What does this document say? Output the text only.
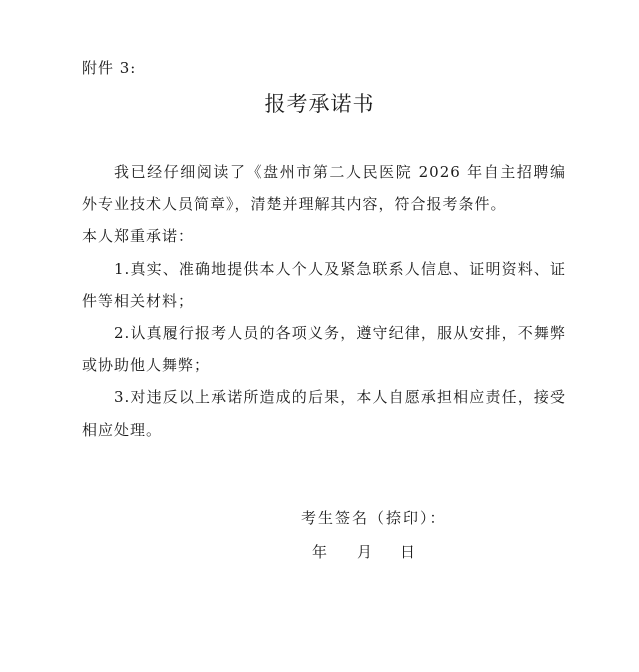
附件 3:
报考承诺书

我已经仔细阅读了《盘州市第二人民医院 2026 年自主招聘编外专业技术人员简章》，清楚并理解其内容，符合报考条件。

本人郑重承诺：

1.真实、准确地提供本人个人及紧急联系人信息、证明资料、证件等相关材料；

2.认真履行报考人员的各项义务，遵守纪律，服从安排，不舞弊或协助他人舞弊；

3.对违反以上承诺所造成的后果，本人自愿承担相应责任，接受相应处理。

考生签名（捺印）：
年 月 日
